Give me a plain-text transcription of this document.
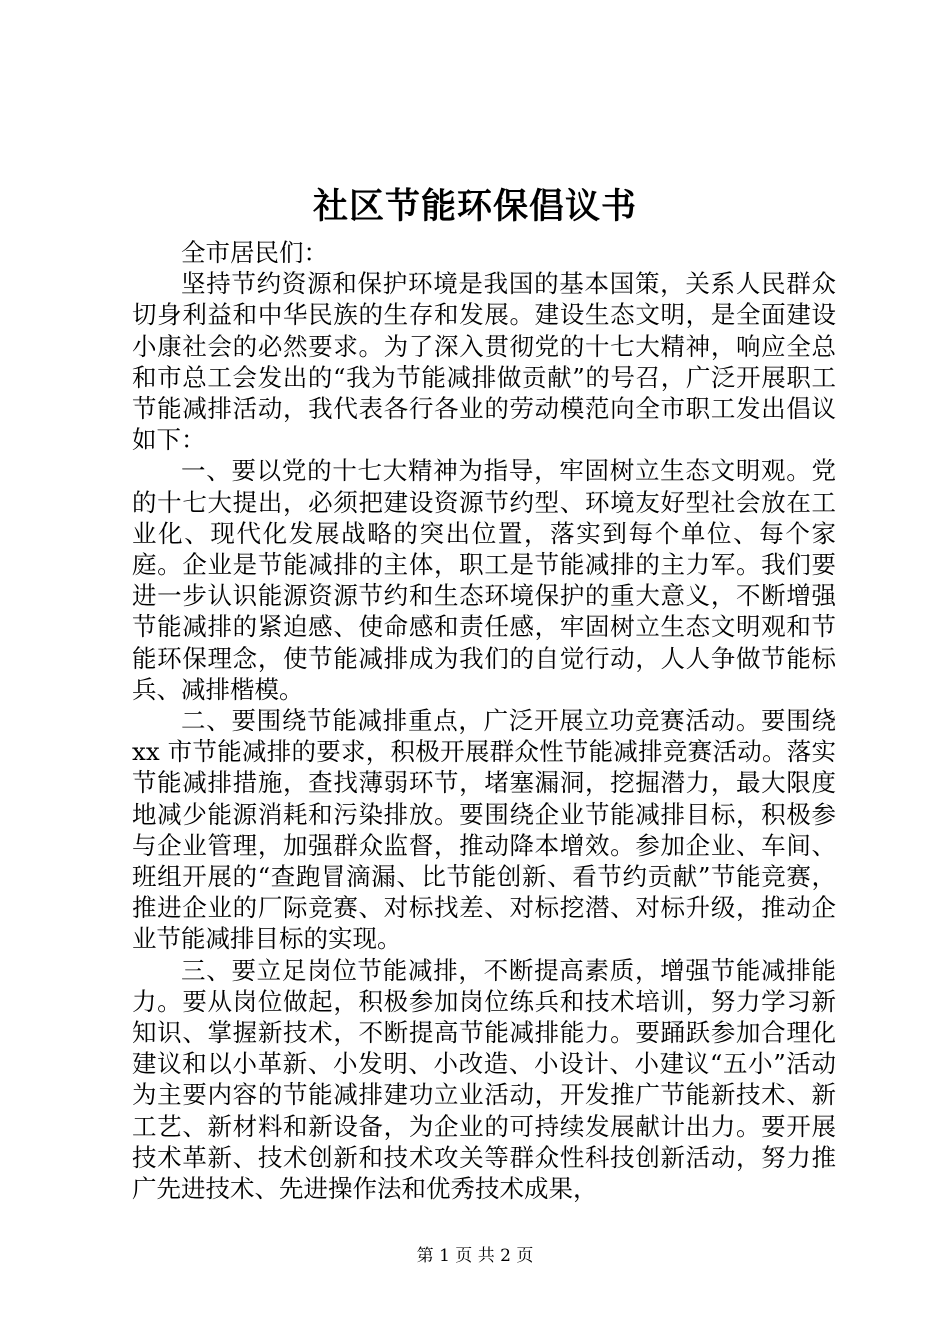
社区节能环保倡议书

全市居民们：

坚持节约资源和保护环境是我国的基本国策，关系人民群众切身利益和中华民族的生存和发展。建设生态文明，是全面建设小康社会的必然要求。为了深入贯彻党的十七大精神，响应全总和市总工会发出的“我为节能减排做贡献”的号召，广泛开展职工节能减排活动，我代表各行各业的劳动模范向全市职工发出倡议如下：

一、要以党的十七大精神为指导，牢固树立生态文明观。党的十七大提出，必须把建设资源节约型、环境友好型社会放在工业化、现代化发展战略的突出位置，落实到每个单位、每个家庭。企业是节能减排的主体，职工是节能减排的主力军。我们要进一步认识能源资源节约和生态环境保护的重大意义，不断增强节能减排的紧迫感、使命感和责任感，牢固树立生态文明观和节能环保理念，使节能减排成为我们的自觉行动，人人争做节能标兵、减排楷模。

二、要围绕节能减排重点，广泛开展立功竞赛活动。要围绕 xx 市节能减排的要求，积极开展群众性节能减排竞赛活动。落实节能减排措施，查找薄弱环节，堵塞漏洞，挖掘潜力，最大限度地减少能源消耗和污染排放。要围绕企业节能减排目标，积极参与企业管理，加强群众监督，推动降本增效。参加企业、车间、班组开展的“查跑冒滴漏、比节能创新、看节约贡献”节能竞赛，推进企业的厂际竞赛、对标找差、对标挖潜、对标升级，推动企业节能减排目标的实现。

三、要立足岗位节能减排，不断提高素质，增强节能减排能力。要从岗位做起，积极参加岗位练兵和技术培训，努力学习新知识、掌握新技术，不断提高节能减排能力。要踊跃参加合理化建议和以小革新、小发明、小改造、小设计、小建议“五小”活动为主要内容的节能减排建功立业活动，开发推广节能新技术、新工艺、新材料和新设备，为企业的可持续发展献计出力。要开展技术革新、技术创新和技术攻关等群众性科技创新活动，努力推广先进技术、先进操作法和优秀技术成果，

第 1 页 共 2 页
